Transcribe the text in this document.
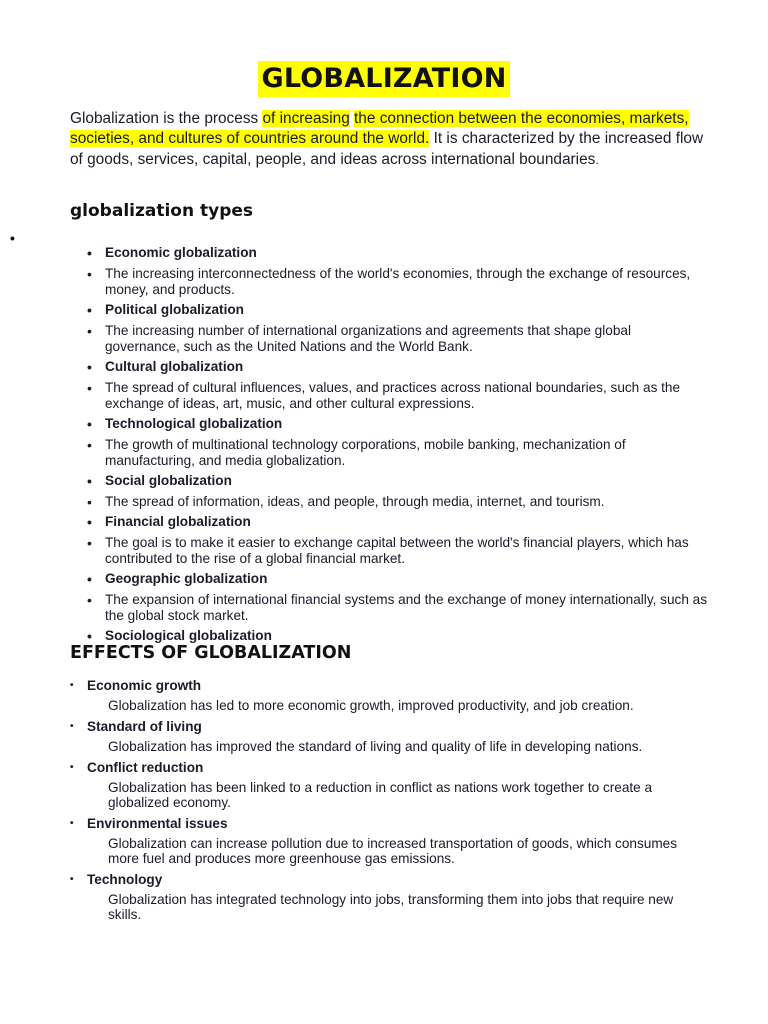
GLOBALIZATION

Globalization is the process of increasing the connection between the economies, markets, societies, and cultures of countries around the world. It is characterized by the increased flow of goods, services, capital, people, and ideas across international boundaries.

globalization types
•
• Economic globalization
• The increasing interconnectedness of the world's economies, through the exchange of resources, money, and products.
• Political globalization
• The increasing number of international organizations and agreements that shape global governance, such as the United Nations and the World Bank.
• Cultural globalization
• The spread of cultural influences, values, and practices across national boundaries, such as the exchange of ideas, art, music, and other cultural expressions.
• Technological globalization
• The growth of multinational technology corporations, mobile banking, mechanization of manufacturing, and media globalization.
• Social globalization
• The spread of information, ideas, and people, through media, internet, and tourism.
• Financial globalization
• The goal is to make it easier to exchange capital between the world's financial players, which has contributed to the rise of a global financial market.
• Geographic globalization
• The expansion of international financial systems and the exchange of money internationally, such as the global stock market.
• Sociological globalization
EFFECTS OF GLOBALIZATION
• Economic growth
Globalization has led to more economic growth, improved productivity, and job creation.
• Standard of living
Globalization has improved the standard of living and quality of life in developing nations.
• Conflict reduction
Globalization has been linked to a reduction in conflict as nations work together to create a globalized economy.
• Environmental issues
Globalization can increase pollution due to increased transportation of goods, which consumes more fuel and produces more greenhouse gas emissions.
• Technology
Globalization has integrated technology into jobs, transforming them into jobs that require new skills.
